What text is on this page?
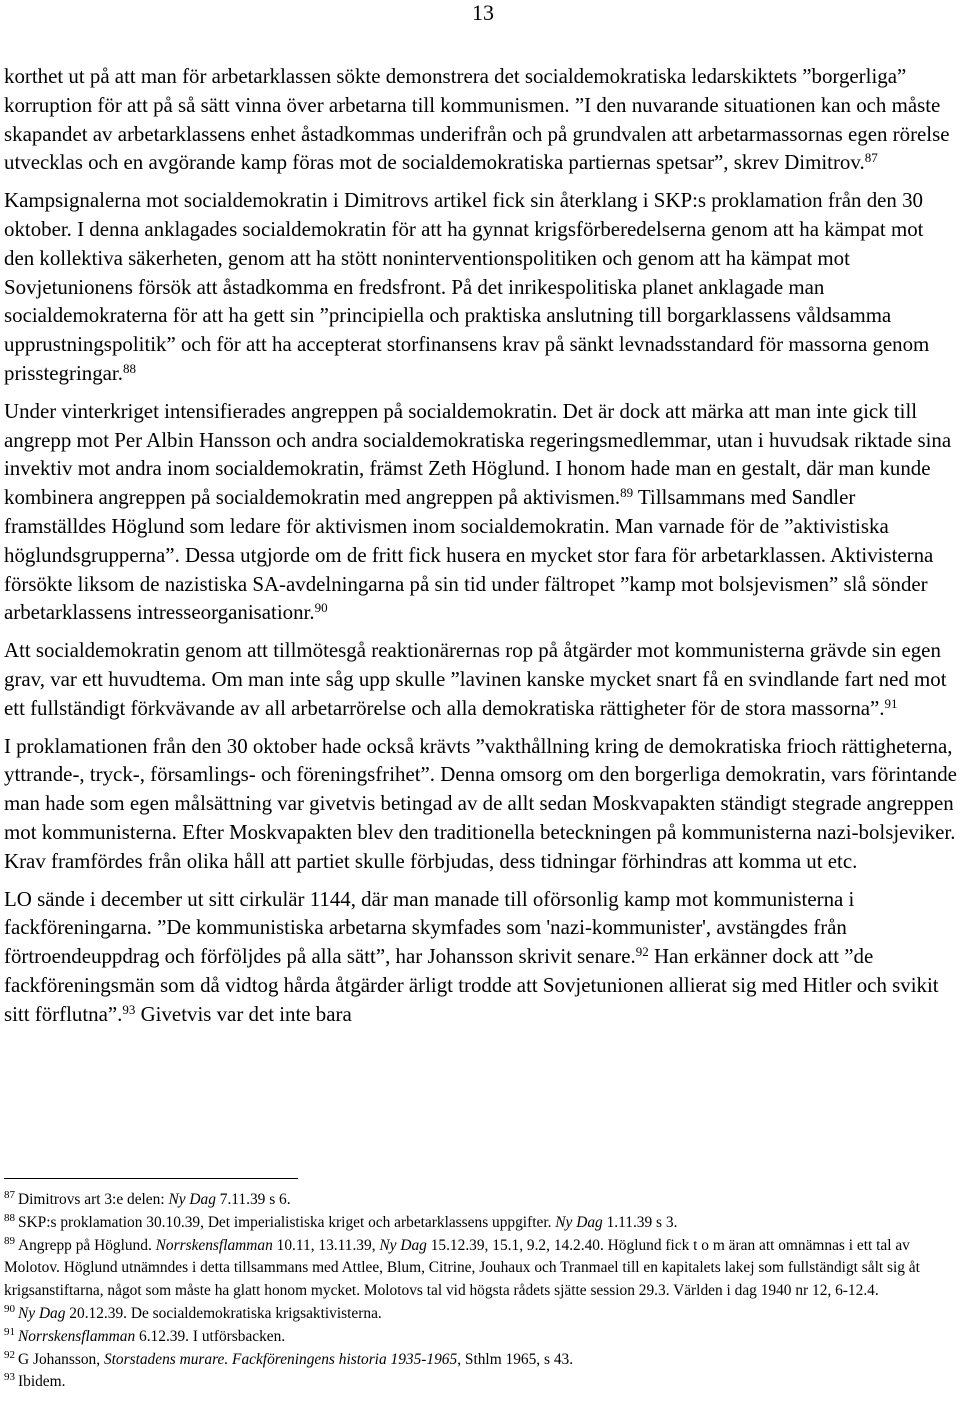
13

korthet ut på att man för arbetarklassen sökte demonstrera det socialdemokratiska ledarskiktets ”borgerliga” korruption för att på så sätt vinna över arbetarna till kommunismen. ”I den nuvarande situationen kan och måste skapandet av arbetarklassens enhet åstadkommas underifrån och på grundvalen att arbetarmassornas egen rörelse utvecklas och en avgörande kamp föras mot de socialdemokratiska partiernas spetsar”, skrev Dimitrov.$^{87}$

Kampsignalerna mot socialdemokratin i Dimitrovs artikel fick sin återklang i SKP:s proklamation från den 30 oktober. I denna anklagades socialdemokratin för att ha gynnat krigsförberedelserna genom att ha kämpat mot den kollektiva säkerheten, genom att ha stött noninterventionspolitiken och genom att ha kämpat mot Sovjetunionens försök att åstadkomma en fredsfront. På det inrikespolitiska planet anklagade man socialdemokraterna för att ha gett sin ”principiella och praktiska anslutning till borgarklassens våldsamma upprustningspolitik” och för att ha accepterat storfinansens krav på sänkt levnadsstandard för massorna genom prisstegringar.$^{88}$

Under vinterkriget intensifierades angreppen på socialdemokratin. Det är dock att märka att man inte gick till angrepp mot Per Albin Hansson och andra socialdemokratiska regeringsmedlemmar, utan i huvudsak riktade sina invektiv mot andra inom socialdemokratin, främst Zeth Höglund. I honom hade man en gestalt, där man kunde kombinera angreppen på socialdemokratin med angreppen på aktivismen.$^{89}$ Tillsammans med Sandler framställdes Höglund som ledare för aktivismen inom socialdemokratin. Man varnade för de ”aktivistiska höglundsgrupperna”. Dessa utgjorde om de fritt fick husera en mycket stor fara för arbetarklassen. Aktivisterna försökte liksom de nazistiska SA-avdelningarna på sin tid under fältropet ”kamp mot bolsjevismen” slå sönder arbetarklassens intresseorganisationr.$^{90}$

Att socialdemokratin genom att tillmötesgå reaktionärernas rop på åtgärder mot kommunisterna grävde sin egen grav, var ett huvudtema. Om man inte såg upp skulle ”lavinen kanske mycket snart få en svindlande fart ned mot ett fullständigt förkvävande av all arbetarrörelse och alla demokratiska rättigheter för de stora massorna”.$^{91}$

I proklamationen från den 30 oktober hade också krävts ”vakthållning kring de demokratiska frioch rättigheterna, yttrande-, tryck-, församlings- och föreningsfrihet”. Denna omsorg om den borgerliga demokratin, vars förintande man hade som egen målsättning var givetvis betingad av de allt sedan Moskvapakten ständigt stegrade angreppen mot kommunisterna. Efter Moskvapakten blev den traditionella beteckningen på kommunisterna nazi-bolsjeviker. Krav framfördes från olika håll att partiet skulle förbjudas, dess tidningar förhindras att komma ut etc.

LO sände i december ut sitt cirkulär 1144, där man manade till oförsonlig kamp mot kommunisterna i fackföreningarna. ”De kommunistiska arbetarna skymfades som 'nazi-kommunister', avstängdes från förtroendeuppdrag och förföljdes på alla sätt”, har Johansson skrivit senare.$^{92}$ Han erkänner dock att ”de fackföreningsmän som då vidtog hårda åtgärder ärligt trodde att Sovjetunionen allierat sig med Hitler och svikit sitt förflutna”.$^{93}$ Givetvis var det inte bara

$^{87}$ Dimitrovs art 3:e delen: Ny Dag 7.11.39 s 6.

$^{88}$ SKP:s proklamation 30.10.39, Det imperialistiska kriget och arbetarklassens uppgifter. Ny Dag 1.11.39 s 3.

$^{89}$ Angrepp på Höglund. Norrskensflamman 10.11, 13.11.39, Ny Dag 15.12.39, 15.1, 9.2, 14.2.40. Höglund fick t o m äran att omnämnas i ett tal av Molotov. Höglund utnämndes i detta tillsammans med Attlee, Blum, Citrine, Jouhaux och Tranmael till en kapitalets lakej som fullständigt sålt sig åt krigsanstiftarna, något som måste ha glatt honom mycket. Molotovs tal vid högsta rådets sjätte session 29.3. Världen i dag 1940 nr 12, 6-12.4.

$^{90}$ Ny Dag 20.12.39. De socialdemokratiska krigsaktivisterna.

$^{91}$ Norrskensflamman 6.12.39. I utförsbacken.

$^{92}$ G Johansson, Storstadens murare. Fackföreningens historia 1935-1965, Sthlm 1965, s 43.

$^{93}$ Ibidem.
